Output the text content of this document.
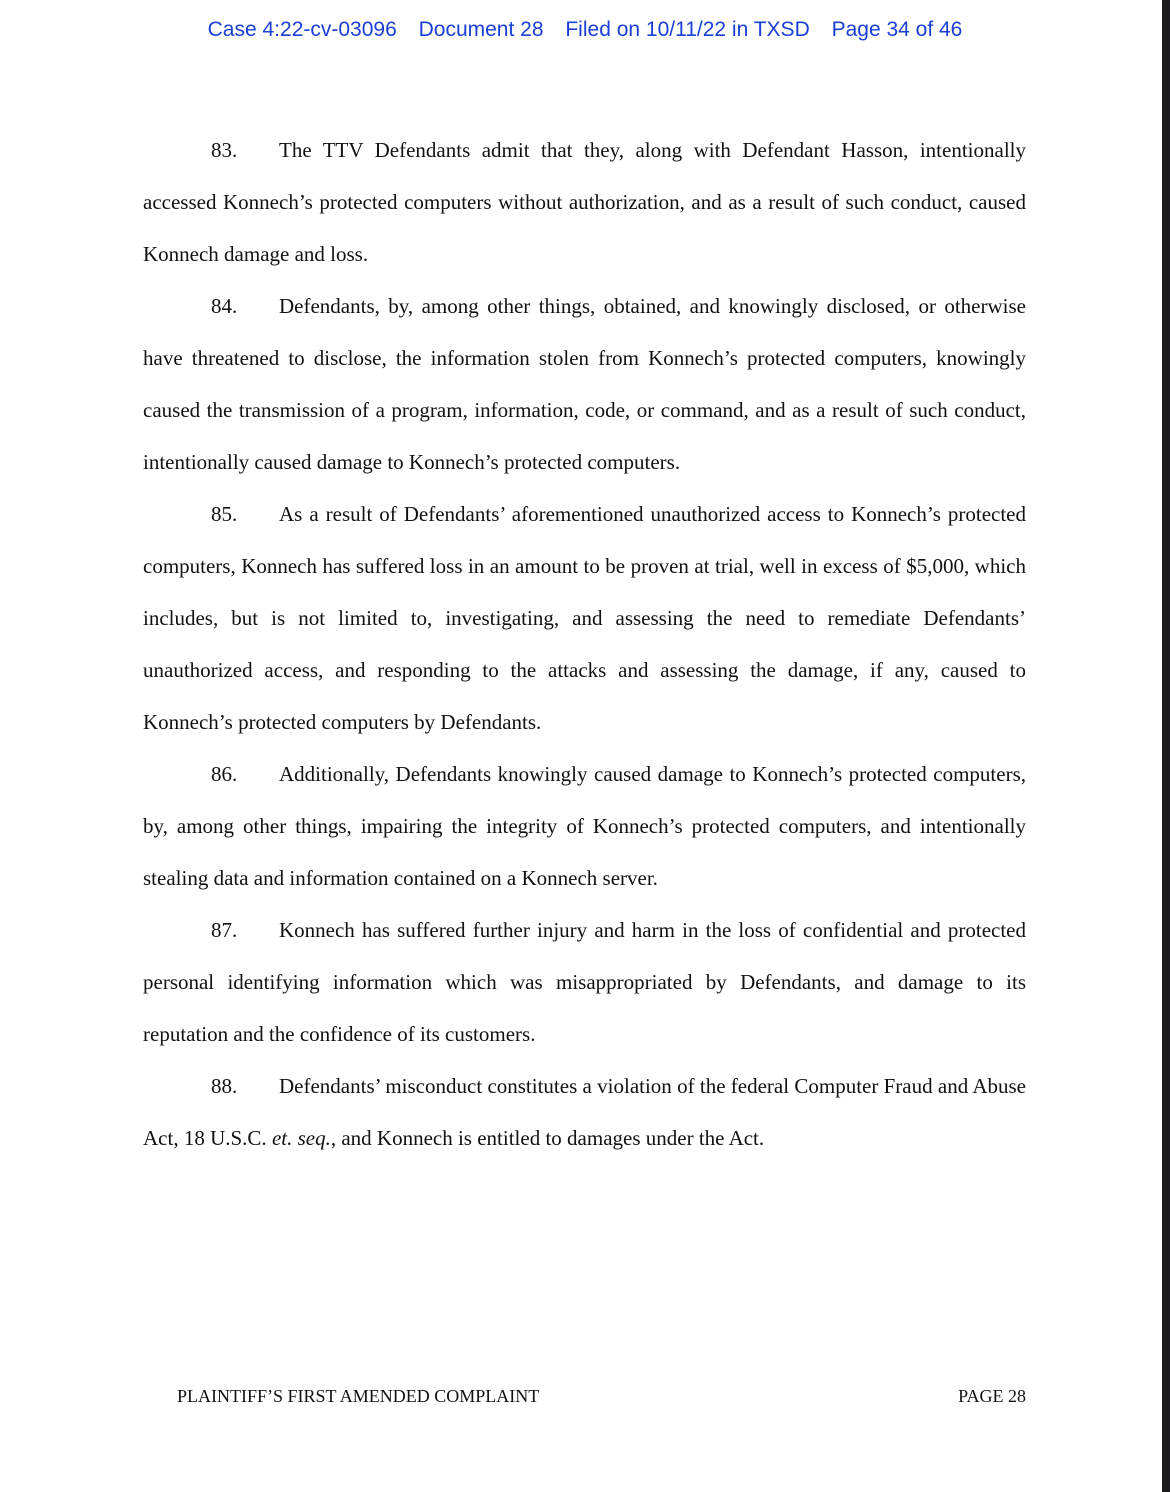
Case 4:22-cv-03096 Document 28 Filed on 10/11/22 in TXSD Page 34 of 46

83. The TTV Defendants admit that they, along with Defendant Hasson, intentionally accessed Konnech’s protected computers without authorization, and as a result of such conduct, caused Konnech damage and loss.

84. Defendants, by, among other things, obtained, and knowingly disclosed, or otherwise have threatened to disclose, the information stolen from Konnech’s protected computers, knowingly caused the transmission of a program, information, code, or command, and as a result of such conduct, intentionally caused damage to Konnech’s protected computers.

85. As a result of Defendants’ aforementioned unauthorized access to Konnech’s protected computers, Konnech has suffered loss in an amount to be proven at trial, well in excess of $5,000, which includes, but is not limited to, investigating, and assessing the need to remediate Defendants’ unauthorized access, and responding to the attacks and assessing the damage, if any, caused to Konnech’s protected computers by Defendants.

86. Additionally, Defendants knowingly caused damage to Konnech’s protected computers, by, among other things, impairing the integrity of Konnech’s protected computers, and intentionally stealing data and information contained on a Konnech server.

87. Konnech has suffered further injury and harm in the loss of confidential and protected personal identifying information which was misappropriated by Defendants, and damage to its reputation and the confidence of its customers.

88. Defendants’ misconduct constitutes a violation of the federal Computer Fraud and Abuse Act, 18 U.S.C. et. seq., and Konnech is entitled to damages under the Act.

PLAINTIFF’S FIRST AMENDED COMPLAINT	PAGE 28
